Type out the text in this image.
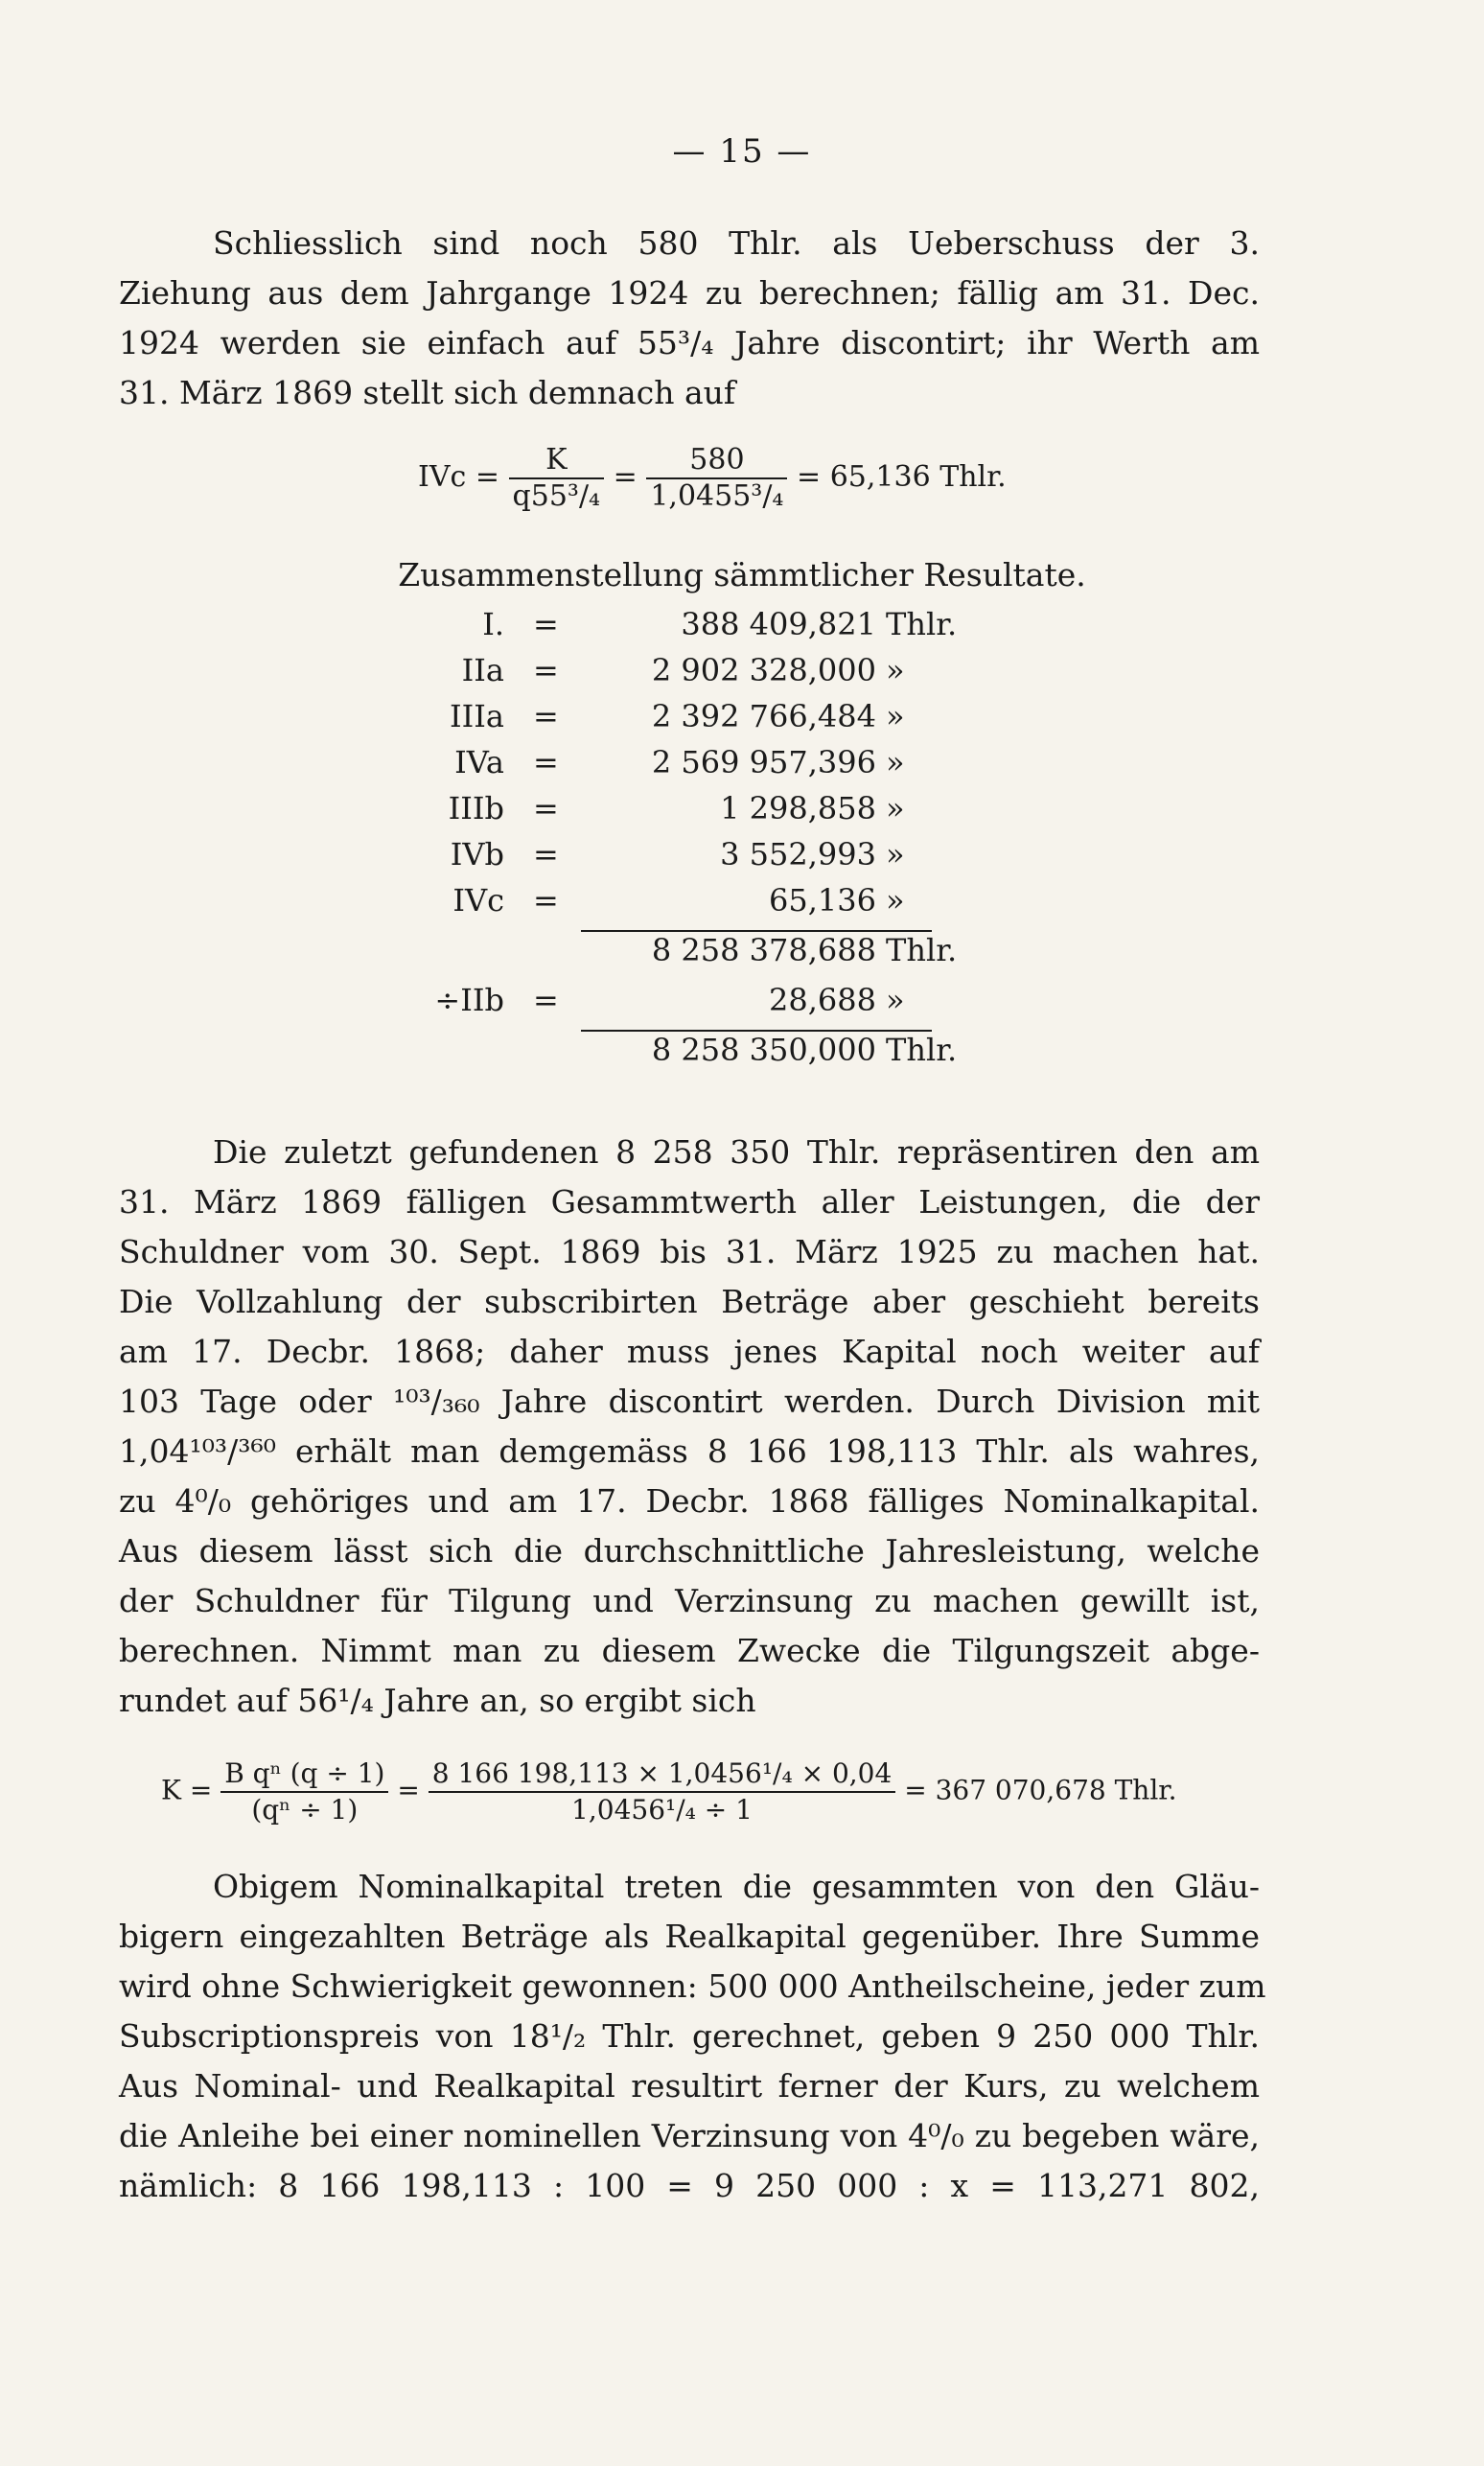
— 15 —
Schliesslich sind noch 580 Thlr. als Ueberschuss der 3.
Ziehung aus dem Jahrgange 1924 zu berechnen; fällig am 31. Dec.
1924 werden sie einfach auf 55³/₄ Jahre discontirt; ihr Werth am
31. März 1869 stellt sich demnach auf
IVc = $\frac{K}{\text{q55³/₄}} = \frac{580}{\text{1,0455³/₄}} = 65,136$ Thlr.
Zusammenstellung sämmtlicher Resultate.
I. =	388 409,821 Thlr.
IIa =	2 902 328,000 »
IIIa =	2 392 766,484 »
IVa =	2 569 957,396 »
IIIb =	1 298,858 »
IVb =	3 552,993 »
IVc =	65,136 »
8 258 378,688 Thlr.
÷IIb =	28,688 »
8 258 350,000 Thlr.
Die zuletzt gefundenen 8 258 350 Thlr. repräsentiren den am
31. März 1869 fälligen Gesammtwerth aller Leistungen, die der
Schuldner vom 30. Sept. 1869 bis 31. März 1925 zu machen hat.
Die Vollzahlung der subscribirten Beträge aber geschieht bereits
am 17. Decbr. 1868; daher muss jenes Kapital noch weiter auf
103 Tage oder ¹⁰³/₃₆₀ Jahre discontirt werden. Durch Division mit
1,04¹⁰³/³⁶⁰ erhält man demgemäss 8 166 198,113 Thlr. als wahres,
zu 4⁰/₀ gehöriges und am 17. Decbr. 1868 fälliges Nominalkapital.
Aus diesem lässt sich die durchschnittliche Jahresleistung, welche
der Schuldner für Tilgung und Verzinsung zu machen gewillt ist,
berechnen. Nimmt man zu diesem Zwecke die Tilgungszeit abge-
rundet auf 56¹/₄ Jahre an, so ergibt sich
$K = \frac{\text{B qⁿ (q ÷ 1)}}{\text{(qⁿ ÷ 1)}} = \frac{\text{8 166 198,113 × 1,0456¹/₄ × 0,04}}{\text{1,0456¹/₄ ÷ 1}} = 367$ 070,678 Thlr.
Obigem Nominalkapital treten die gesammten von den Gläu-
bigern eingezahlten Beträge als Realkapital gegenüber. Ihre Summe
wird ohne Schwierigkeit gewonnen: 500 000 Antheilscheine, jeder zum
Subscriptionspreis von 18¹/₂ Thlr. gerechnet, geben 9 250 000 Thlr.
Aus Nominal- und Realkapital resultirt ferner der Kurs, zu welchem
die Anleihe bei einer nominellen Verzinsung von 4⁰/₀ zu begeben wäre,
nämlich: 8 166 198,113 : 100 = 9 250 000 : x = 113,271 802,
